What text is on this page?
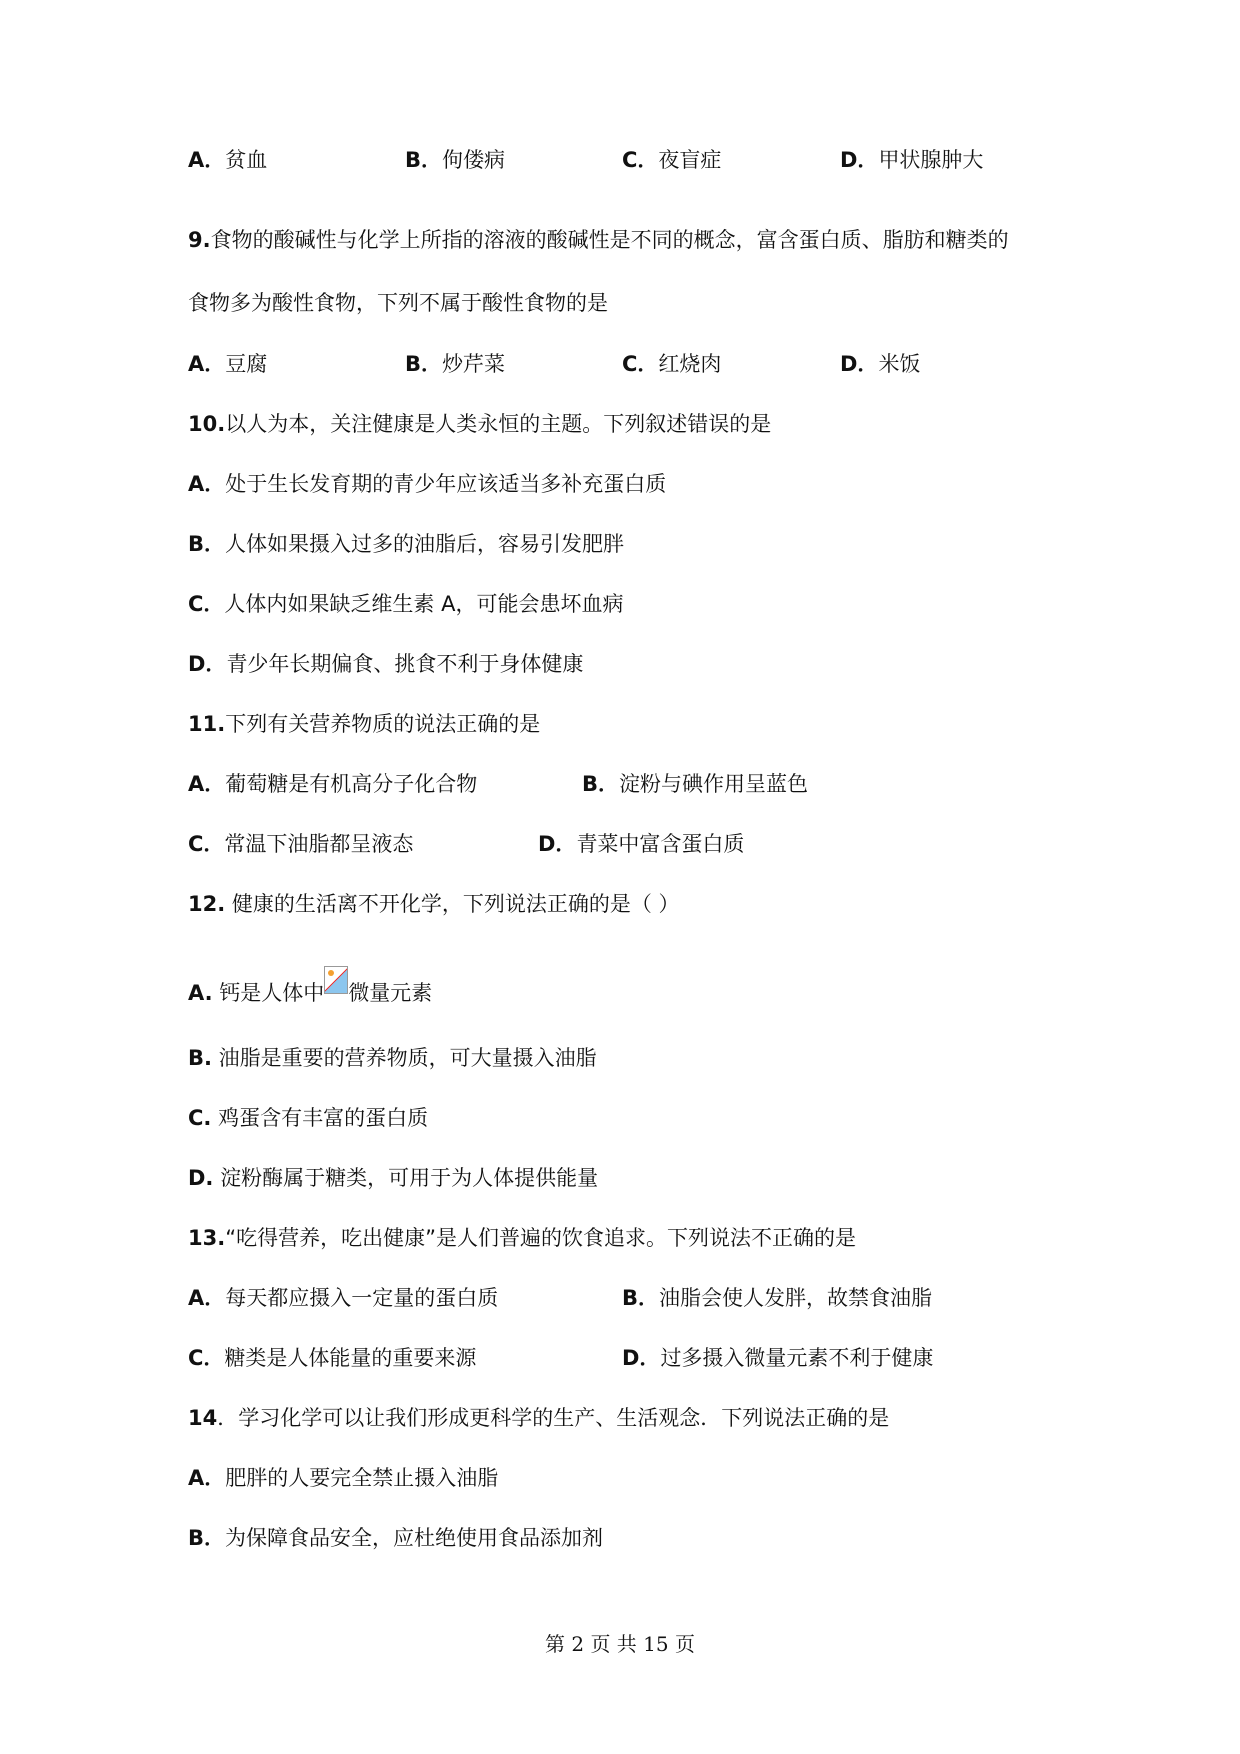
A．贫血	B．佝偻病	C．夜盲症	D．甲状腺肿大
9.食物的酸碱性与化学上所指的溶液的酸碱性是不同的概念，富含蛋白质、脂肪和糖类的
食物多为酸性食物，下列不属于酸性食物的是
A．豆腐	B．炒芹菜	C．红烧肉	D．米饭
10.以人为本，关注健康是人类永恒的主题。下列叙述错误的是
A．处于生长发育期的青少年应该适当多补充蛋白质
B．人体如果摄入过多的油脂后，容易引发肥胖
C．人体内如果缺乏维生素 A，可能会患坏血病
D．青少年长期偏食、挑食不利于身体健康
11.下列有关营养物质的说法正确的是
A．葡萄糖是有机高分子化合物	B．淀粉与碘作用呈蓝色
C．常温下油脂都呈液态	D．青菜中富含蛋白质
12. 健康的生活离不开化学，下列说法正确的是（ ）
A. 钙是人体中 微量元素
B. 油脂是重要的营养物质，可大量摄入油脂
C. 鸡蛋含有丰富的蛋白质
D. 淀粉酶属于糖类，可用于为人体提供能量
13.“吃得营养，吃出健康”是人们普遍的饮食追求。下列说法不正确的是
A．每天都应摄入一定量的蛋白质	B．油脂会使人发胖，故禁食油脂
C．糖类是人体能量的重要来源	D．过多摄入微量元素不利于健康
14．学习化学可以让我们形成更科学的生产、生活观念．下列说法正确的是
A．肥胖的人要完全禁止摄入油脂
B．为保障食品安全，应杜绝使用食品添加剂
第 2 页 共 15 页
